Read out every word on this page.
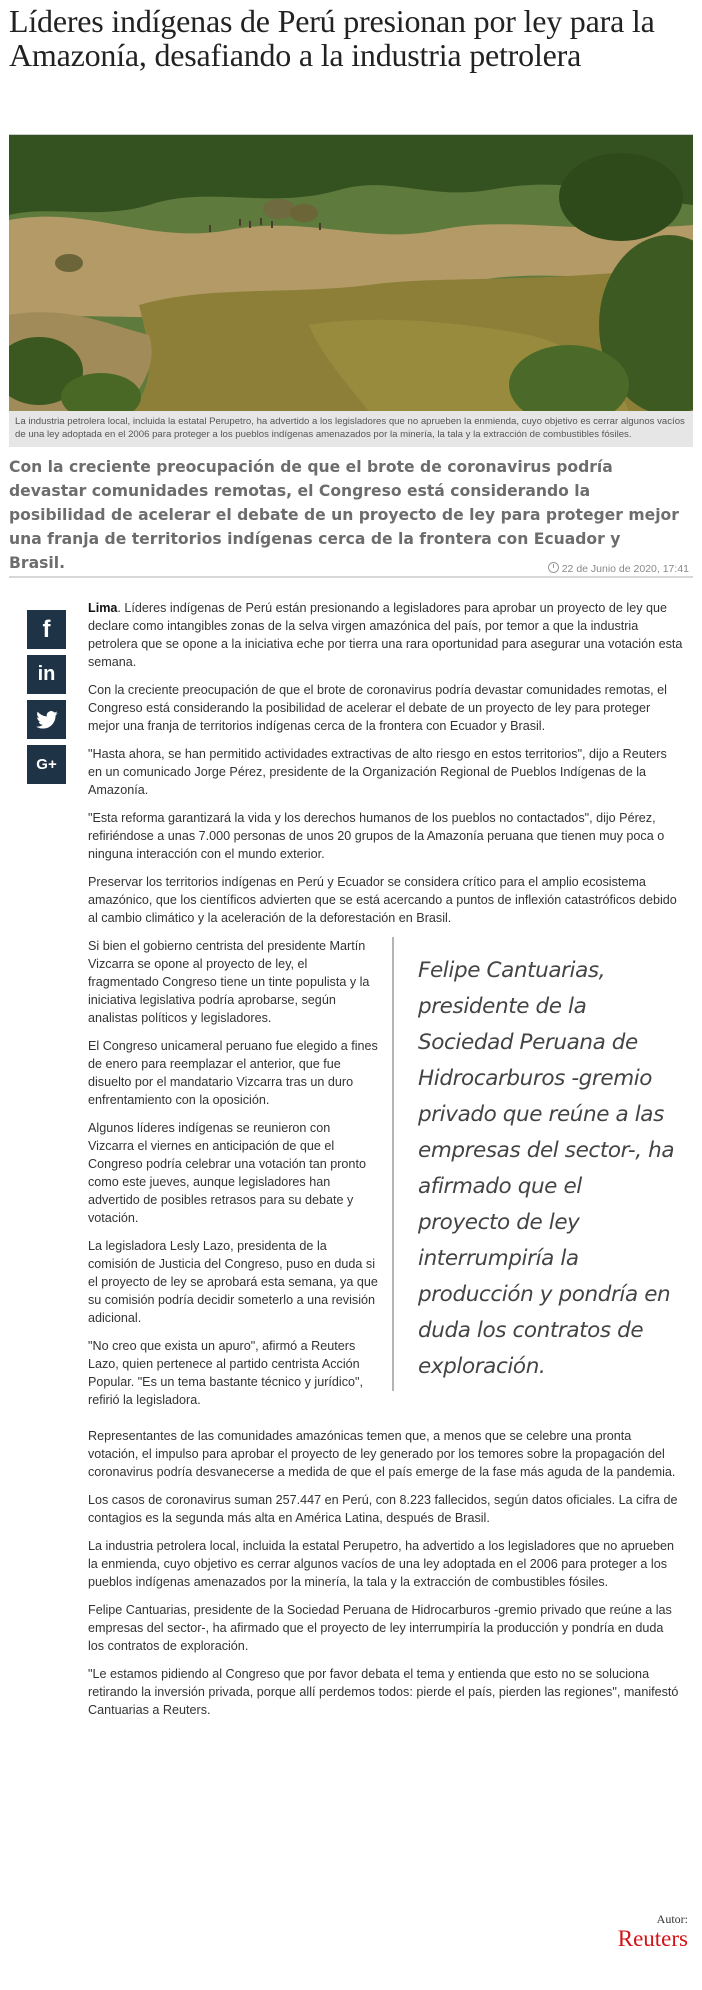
Líderes indígenas de Perú presionan por ley para la Amazonía, desafiando a la industria petrolera

La industria petrolera local, incluida la estatal Perupetro, ha advertido a los legisladores que no aprueben la enmienda, cuyo objetivo es cerrar algunos vacíos de una ley adoptada en el 2006 para proteger a los pueblos indígenas amenazados por la minería, la tala y la extracción de combustibles fósiles.

Con la creciente preocupación de que el brote de coronavirus podría devastar comunidades remotas, el Congreso está considerando la posibilidad de acelerar el debate de un proyecto de ley para proteger mejor una franja de territorios indígenas cerca de la frontera con Ecuador y Brasil.	22 de Junio de 2020, 17:41
f
in
G+

Lima. Líderes indígenas de Perú están presionando a legisladores para aprobar un proyecto de ley que declare como intangibles zonas de la selva virgen amazónica del país, por temor a que la industria petrolera que se opone a la iniciativa eche por tierra una rara oportunidad para asegurar una votación esta semana.

Con la creciente preocupación de que el brote de coronavirus podría devastar comunidades remotas, el Congreso está considerando la posibilidad de acelerar el debate de un proyecto de ley para proteger mejor una franja de territorios indígenas cerca de la frontera con Ecuador y Brasil.

"Hasta ahora, se han permitido actividades extractivas de alto riesgo en estos territorios", dijo a Reuters en un comunicado Jorge Pérez, presidente de la Organización Regional de Pueblos Indígenas de la Amazonía.

"Esta reforma garantizará la vida y los derechos humanos de los pueblos no contactados", dijo Pérez, refiriéndose a unas 7.000 personas de unos 20 grupos de la Amazonía peruana que tienen muy poca o ninguna interacción con el mundo exterior.

Preservar los territorios indígenas en Perú y Ecuador se considera crítico para el amplio ecosistema amazónico, que los científicos advierten que se está acercando a puntos de inflexión catastróficos debido al cambio climático y la aceleración de la deforestación en Brasil.

Si bien el gobierno centrista del presidente Martín Vizcarra se opone al proyecto de ley, el fragmentado Congreso tiene un tinte populista y la iniciativa legislativa podría aprobarse, según analistas políticos y legisladores.

El Congreso unicameral peruano fue elegido a fines de enero para reemplazar el anterior, que fue disuelto por el mandatario Vizcarra tras un duro enfrentamiento con la oposición.

Algunos líderes indígenas se reunieron con Vizcarra el viernes en anticipación de que el Congreso podría celebrar una votación tan pronto como este jueves, aunque legisladores han advertido de posibles retrasos para su debate y votación.

La legisladora Lesly Lazo, presidenta de la comisión de Justicia del Congreso, puso en duda si el proyecto de ley se aprobará esta semana, ya que su comisión podría decidir someterlo a una revisión adicional.

"No creo que exista un apuro", afirmó a Reuters Lazo, quien pertenece al partido centrista Acción Popular. "Es un tema bastante técnico y jurídico", refirió la legisladora.

Felipe Cantuarias, presidente de la Sociedad Peruana de Hidrocarburos -gremio privado que reúne a las empresas del sector-, ha afirmado que el proyecto de ley interrumpiría la producción y pondría en duda los contratos de exploración.

Representantes de las comunidades amazónicas temen que, a menos que se celebre una pronta votación, el impulso para aprobar el proyecto de ley generado por los temores sobre la propagación del coronavirus podría desvanecerse a medida de que el país emerge de la fase más aguda de la pandemia.

Los casos de coronavirus suman 257.447 en Perú, con 8.223 fallecidos, según datos oficiales. La cifra de contagios es la segunda más alta en América Latina, después de Brasil.

La industria petrolera local, incluida la estatal Perupetro, ha advertido a los legisladores que no aprueben la enmienda, cuyo objetivo es cerrar algunos vacíos de una ley adoptada en el 2006 para proteger a los pueblos indígenas amenazados por la minería, la tala y la extracción de combustibles fósiles.

Felipe Cantuarias, presidente de la Sociedad Peruana de Hidrocarburos -gremio privado que reúne a las empresas del sector-, ha afirmado que el proyecto de ley interrumpiría la producción y pondría en duda los contratos de exploración.

"Le estamos pidiendo al Congreso que por favor debata el tema y entienda que esto no se soluciona retirando la inversión privada, porque allí perdemos todos: pierde el país, pierden las regiones", manifestó Cantuarias a Reuters.

Autor:
Reuters
